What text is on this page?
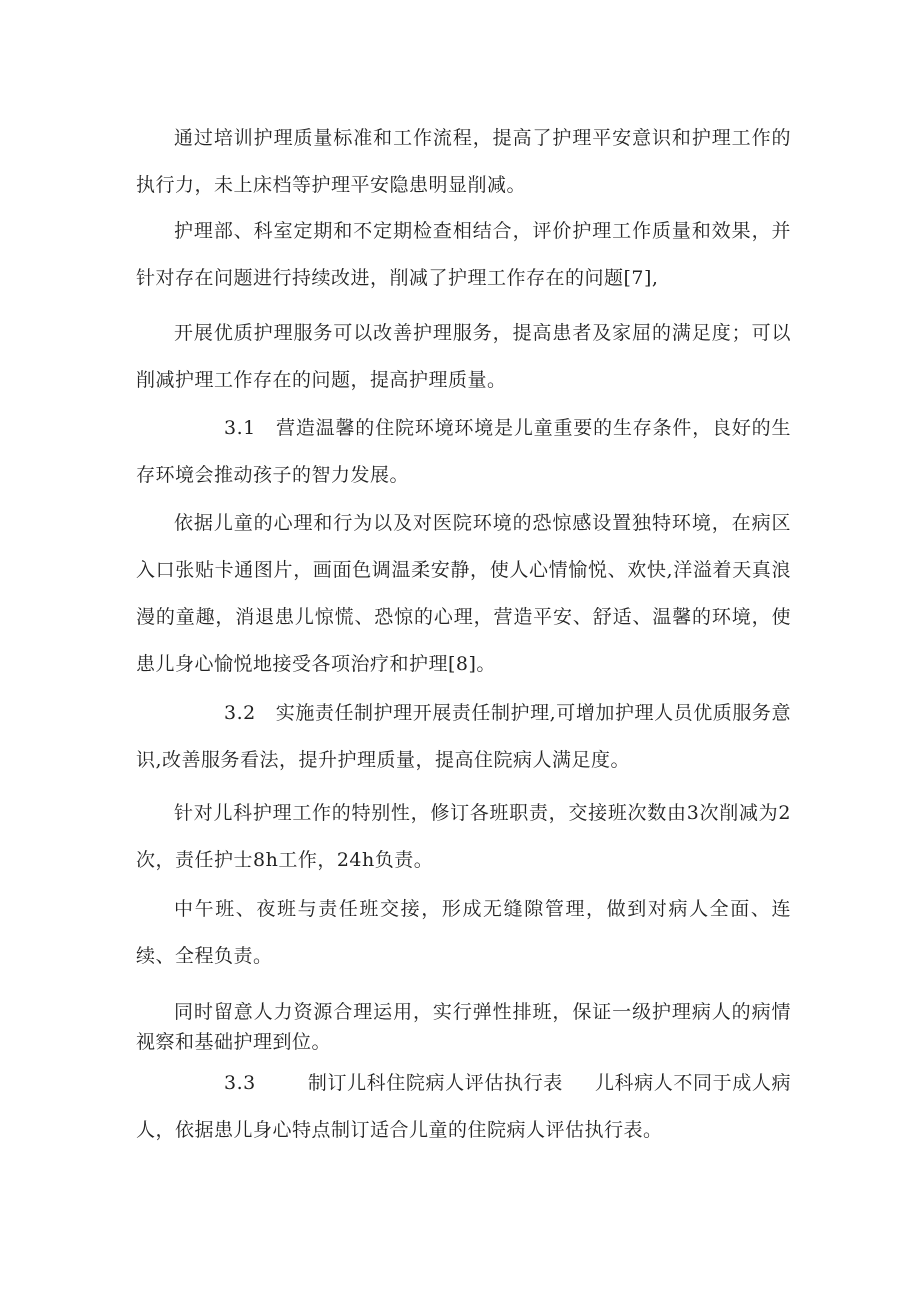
通过培训护理质量标准和工作流程，提高了护理平安意识和护理工作的执行力，未上床档等护理平安隐患明显削减。

护理部、科室定期和不定期检查相结合，评价护理工作质量和效果，并针对存在问题进行持续改进，削减了护理工作存在的问题[7],

开展优质护理服务可以改善护理服务，提高患者及家屈的满足度；可以削减护理工作存在的问题，提高护理质量。

3.1 营造温馨的住院环境环境是儿童重要的生存条件，良好的生存环境会推动孩子的智力发展。

依据儿童的心理和行为以及对医院环境的恐惊感设置独特环境，在病区入口张贴卡通图片，画面色调温柔安静，使人心情愉悦、欢快,洋溢着天真浪漫的童趣，消退患儿惊慌、恐惊的心理，营造平安、舒适、温馨的环境，使患儿身心愉悦地接受各项治疗和护理[8]。

3.2 实施责任制护理开展责任制护理,可增加护理人员优质服务意识,改善服务看法，提升护理质量，提高住院病人满足度。

针对儿科护理工作的特别性，修订各班职责，交接班次数由3次削减为2次，责任护士8h工作，24h负责。

中午班、夜班与责任班交接，形成无缝隙管理，做到对病人全面、连续、全程负责。

同时留意人力资源合理运用，实行弹性排班，保证一级护理病人的病情视察和基础护理到位。

3.3	制订儿科住院病人评估执行表 儿科病人不同于成人病人，依据患儿身心特点制订适合儿童的住院病人评估执行表。
